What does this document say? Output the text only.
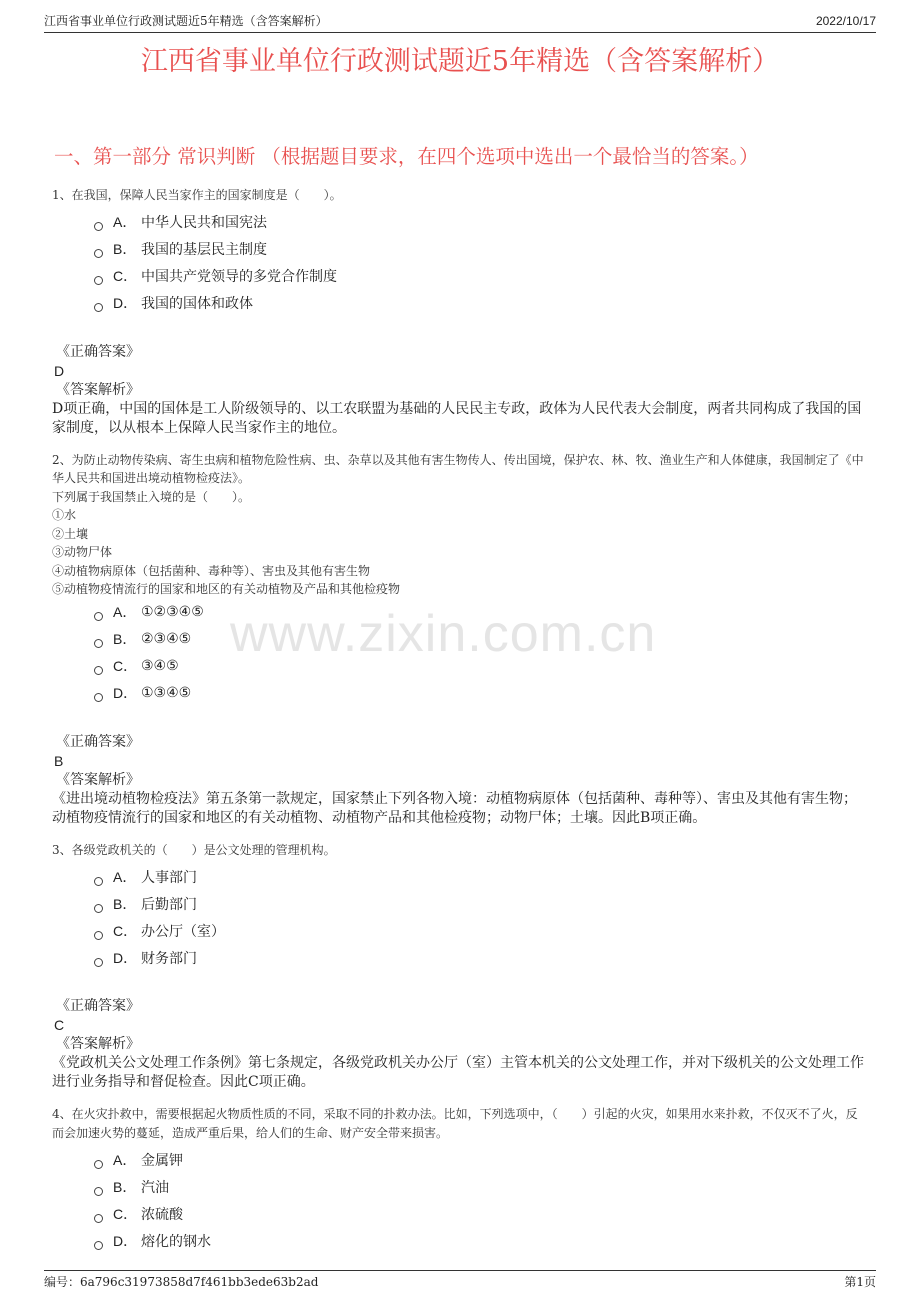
江西省事业单位行政测试题近5年精选（含答案解析）	2022/10/17
江西省事业单位行政测试题近5年精选（含答案解析）
一、第一部分 常识判断 （根据题目要求，在四个选项中选出一个最恰当的答案。）
www.zixin.com.cn

1、在我国，保障人民当家作主的国家制度是（　　）。

A． 中华人民共和国宪法
B． 我国的基层民主制度
C． 中国共产党领导的多党合作制度
D． 我国的国体和政体
《正确答案》
D
《答案解析》
D项正确，中国的国体是工人阶级领导的、以工农联盟为基础的人民民主专政，政体为人民代表大会制度，两者共同构成了我国的国家制度，以从根本上保障人民当家作主的地位。

2、为防止动物传染病、寄生虫病和植物危险性病、虫、杂草以及其他有害生物传人、传出国境，保护农、林、牧、渔业生产和人体健康，我国制定了《中华人民共和国进出境动植物检疫法》。

下列属于我国禁止入境的是（　　）。

①水

②土壤

③动物尸体

④动植物病原体（包括菌种、毒种等）、害虫及其他有害生物

⑤动植物疫情流行的国家和地区的有关动植物及产品和其他检疫物

A． ①②③④⑤
B． ②③④⑤
C． ③④⑤
D． ①③④⑤
《正确答案》
B
《答案解析》
《进出境动植物检疫法》第五条第一款规定，国家禁止下列各物入境：动植物病原体（包括菌种、毒种等）、害虫及其他有害生物；动植物疫情流行的国家和地区的有关动植物、动植物产品和其他检疫物；动物尸体；土壤。因此B项正确。

3、各级党政机关的（　　）是公文处理的管理机构。

A． 人事部门
B． 后勤部门
C． 办公厅（室）
D． 财务部门
《正确答案》
C
《答案解析》
《党政机关公文处理工作条例》第七条规定，各级党政机关办公厅（室）主管本机关的公文处理工作，并对下级机关的公文处理工作进行业务指导和督促检查。因此C项正确。

4、在火灾扑救中，需要根据起火物质性质的不同，采取不同的扑救办法。比如，下列选项中，（　　）引起的火灾，如果用水来扑救，不仅灭不了火，反而会加速火势的蔓延，造成严重后果，给人们的生命、财产安全带来损害。

A． 金属钾
B． 汽油
C． 浓硫酸
D． 熔化的钢水
编号：6a796c31973858d7f461bb3ede63b2ad	第1页
